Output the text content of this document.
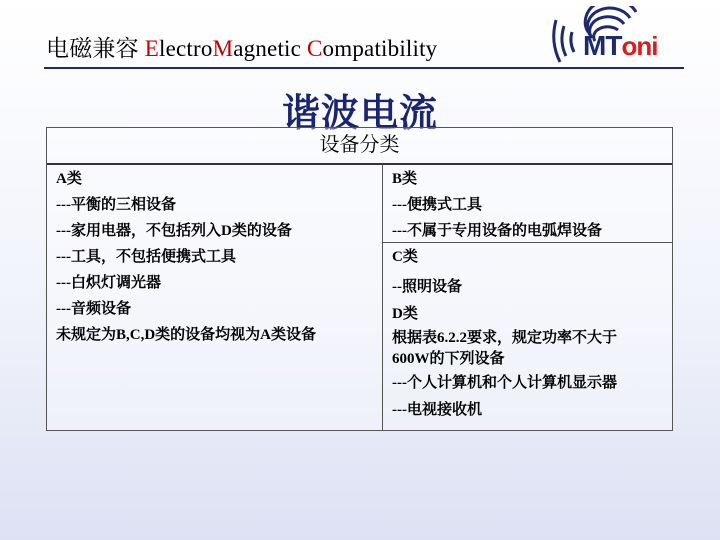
电磁兼容 ElectroMagnetic Compatibility	MToni
谐波电流
设备分类
A类
---平衡的三相设备
---家用电器，不包括列入D类的设备
---工具，不包括便携式工具
---白炽灯调光器
---音频设备
未规定为B,C,D类的设备均视为A类设备
B类
---便携式工具
---不属于专用设备的电弧焊设备
C类
--照明设备
D类
根据表6.2.2要求，规定功率不大于
600W的下列设备
---个人计算机和个人计算机显示器
---电视接收机
